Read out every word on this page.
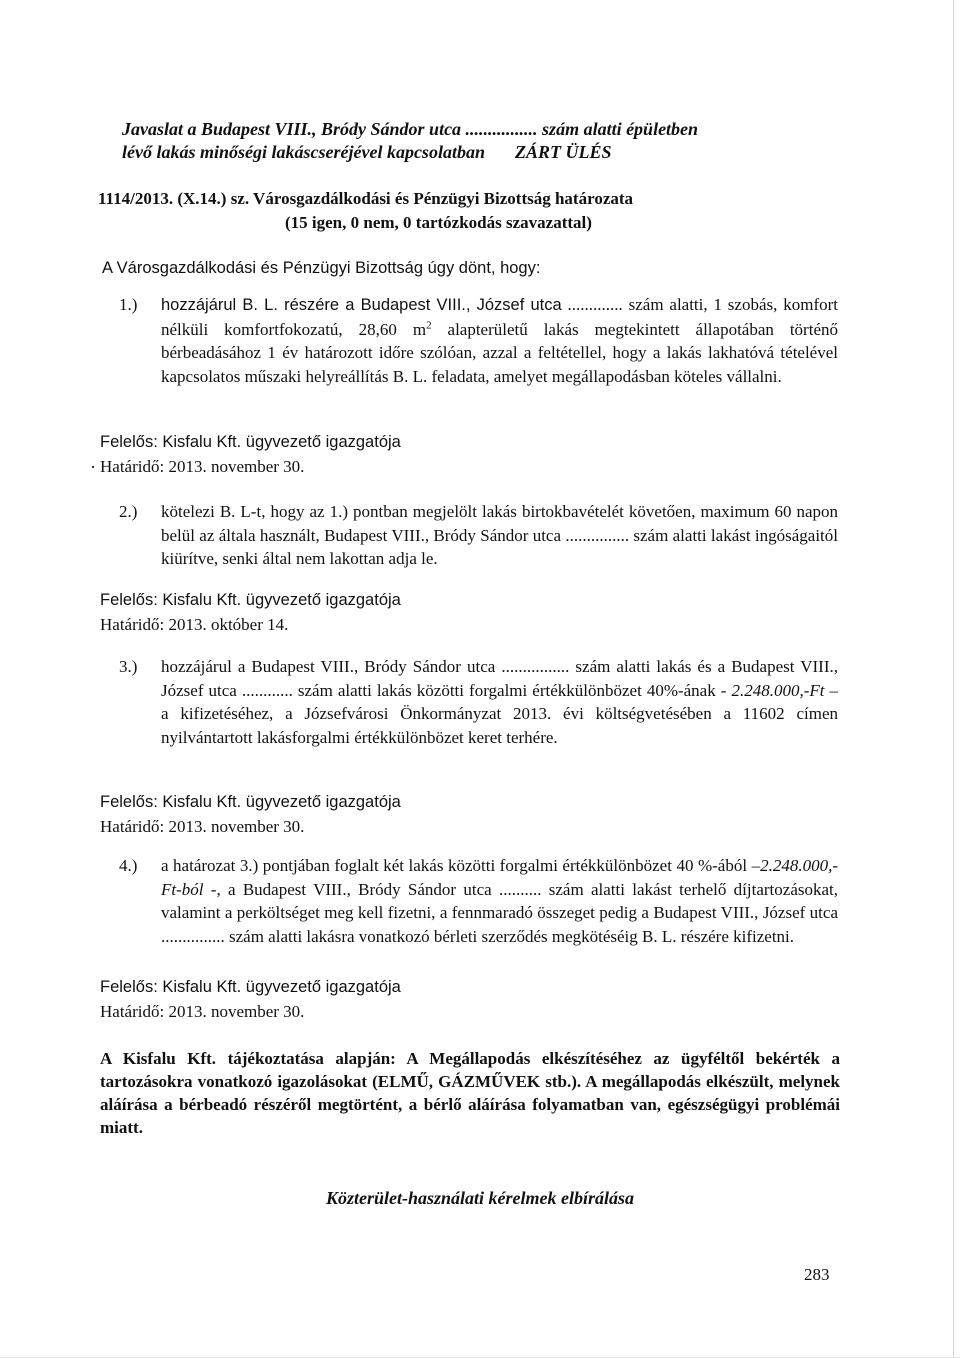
Javaslat a Budapest VIII., Bródy Sándor utca ................ szám alatti épületben
lévő lakás minőségi lakáscseréjével kapcsolatban ZÁRT ÜLÉS
1114/2013. (X.14.) sz. Városgazdálkodási és Pénzügyi Bizottság határozata
(15 igen, 0 nem, 0 tartózkodás szavazattal)
A Városgazdálkodási és Pénzügyi Bizottság úgy dönt, hogy:
1.)	hozzájárul B. L. részére a Budapest VIII., József utca ............. szám alatti, 1 szobás, komfort nélküli komfortfokozatú, 28,60 $m^2$ alapterületű lakás megtekintett állapotában történő bérbeadásához 1 év határozott időre szólóan, azzal a feltétellel, hogy a lakás lakhatóvá tételével kapcsolatos műszaki helyreállítás B. L. feladata, amelyet megállapodásban köteles vállalni.
Felelős: Kisfalu Kft. ügyvezető igazgatója
Határidő: 2013. november 30.
2.)	kötelezi B. L-t, hogy az 1.) pontban megjelölt lakás birtokbavételét követően, maximum 60 napon belül az általa használt, Budapest VIII., Bródy Sándor utca ............... szám alatti lakást ingóságaitól kiürítve, senki által nem lakottan adja le.
Felelős: Kisfalu Kft. ügyvezető igazgatója
Határidő: 2013. október 14.
3.)	hozzájárul a Budapest VIII., Bródy Sándor utca ................ szám alatti lakás és a Budapest VIII., József utca ............ szám alatti lakás közötti forgalmi értékkülönbözet 40%-ának - 2.248.000,-Ft – a kifizetéséhez, a Józsefvárosi Önkormányzat 2013. évi költségvetésében a 11602 címen nyilvántartott lakásforgalmi értékkülönbözet keret terhére.
Felelős: Kisfalu Kft. ügyvezető igazgatója
Határidő: 2013. november 30.
4.)	a határozat 3.) pontjában foglalt két lakás közötti forgalmi értékkülönbözet 40 %-ából –2.248.000,- Ft-ból -, a Budapest VIII., Bródy Sándor utca .......... szám alatti lakást terhelő díjtartozásokat, valamint a perköltséget meg kell fizetni, a fennmaradó összeget pedig a Budapest VIII., József utca ............... szám alatti lakásra vonatkozó bérleti szerződés megkötéséig B. L. részére kifizetni.
Felelős: Kisfalu Kft. ügyvezető igazgatója
Határidő: 2013. november 30.
A Kisfalu Kft. tájékoztatása alapján: A Megállapodás elkészítéséhez az ügyféltől bekérték a tartozásokra vonatkozó igazolásokat (ELMŰ, GÁZMŰVEK stb.). A megállapodás elkészült, melynek aláírása a bérbeadó részéről megtörtént, a bérlő aláírása folyamatban van, egészségügyi problémái miatt.
Közterület-használati kérelmek elbírálása
283
